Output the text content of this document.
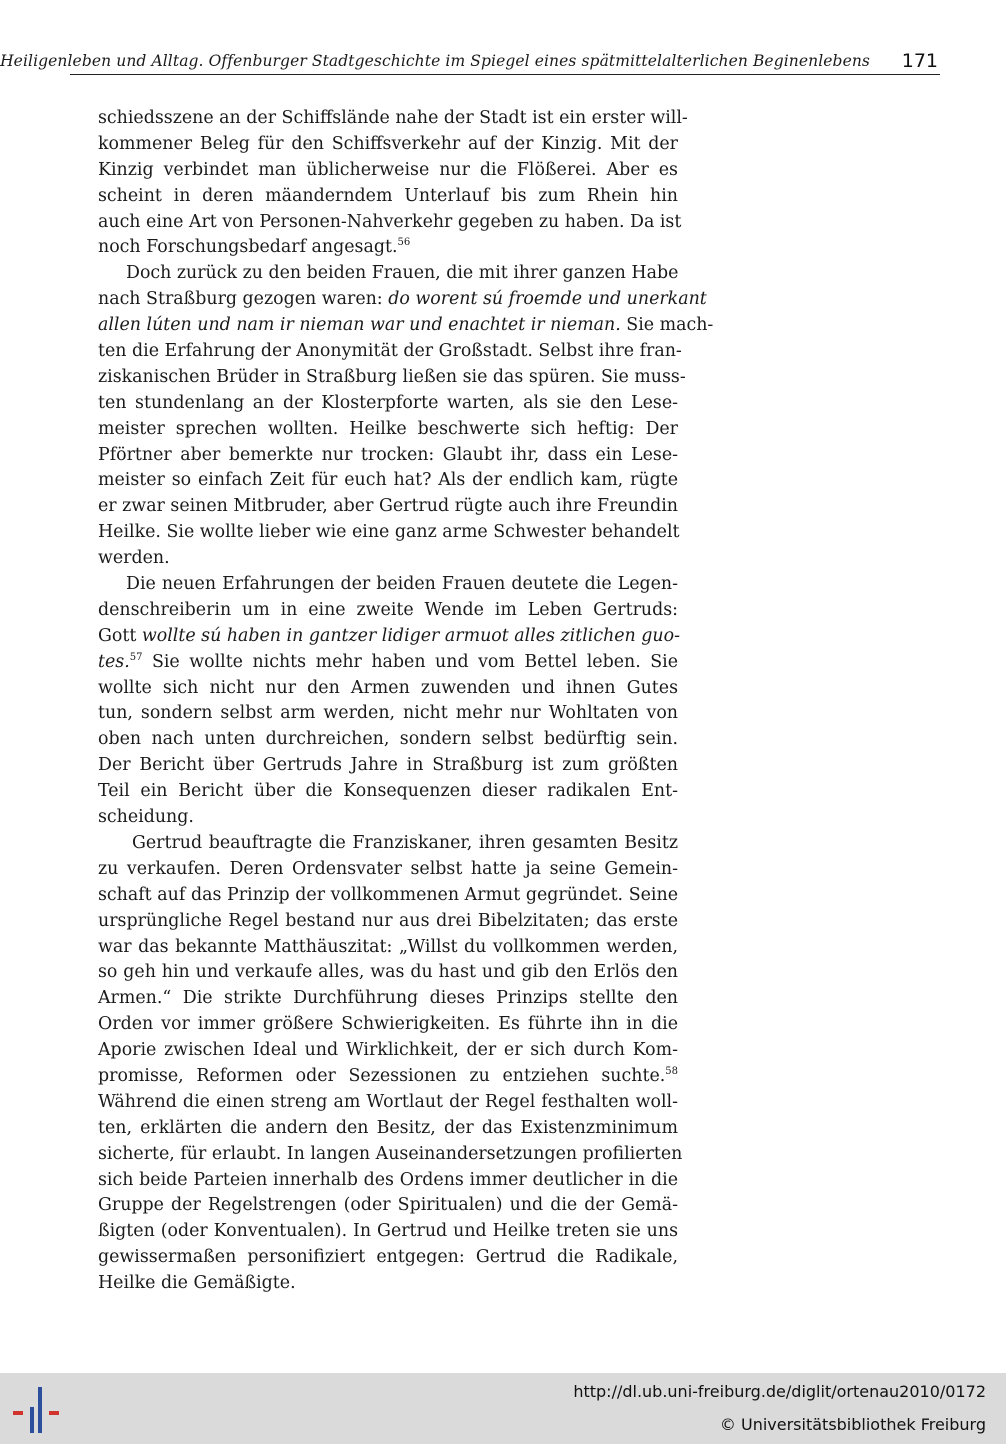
Heiligenleben und Alltag. Offenburger Stadtgeschichte im Spiegel eines spätmittelalterlichen Beginenlebens 171
schiedsszene an der Schiffslände nahe der Stadt ist ein erster will-
kommener Beleg für den Schiffsverkehr auf der Kinzig. Mit der
Kinzig verbindet man üblicherweise nur die Flößerei. Aber es
scheint in deren mäanderndem Unterlauf bis zum Rhein hin
auch eine Art von Personen-Nahverkehr gegeben zu haben. Da ist
noch Forschungsbedarf angesagt.$^{56}$
Doch zurück zu den beiden Frauen, die mit ihrer ganzen Habe
nach Straßburg gezogen waren: do worent sú froemde und unerkant
allen lúten und nam ir nieman war und enachtet ir nieman. Sie mach-
ten die Erfahrung der Anonymität der Großstadt. Selbst ihre fran-
ziskanischen Brüder in Straßburg ließen sie das spüren. Sie muss-
ten stundenlang an der Klosterpforte warten, als sie den Lese-
meister sprechen wollten. Heilke beschwerte sich heftig: Der
Pförtner aber bemerkte nur trocken: Glaubt ihr, dass ein Lese-
meister so einfach Zeit für euch hat? Als der endlich kam, rügte
er zwar seinen Mitbruder, aber Gertrud rügte auch ihre Freundin
Heilke. Sie wollte lieber wie eine ganz arme Schwester behandelt
werden.
Die neuen Erfahrungen der beiden Frauen deutete die Legen-
denschreiberin um in eine zweite Wende im Leben Gertruds:
Gott wollte sú haben in gantzer lidiger armuot alles zitlichen guo-
tes.$^{57}$ Sie wollte nichts mehr haben und vom Bettel leben. Sie
wollte sich nicht nur den Armen zuwenden und ihnen Gutes
tun, sondern selbst arm werden, nicht mehr nur Wohltaten von
oben nach unten durchreichen, sondern selbst bedürftig sein.
Der Bericht über Gertruds Jahre in Straßburg ist zum größten
Teil ein Bericht über die Konsequenzen dieser radikalen Ent-
scheidung.
Gertrud beauftragte die Franziskaner, ihren gesamten Besitz
zu verkaufen. Deren Ordensvater selbst hatte ja seine Gemein-
schaft auf das Prinzip der vollkommenen Armut gegründet. Seine
ursprüngliche Regel bestand nur aus drei Bibelzitaten; das erste
war das bekannte Matthäuszitat: „Willst du vollkommen werden,
so geh hin und verkaufe alles, was du hast und gib den Erlös den
Armen.“ Die strikte Durchführung dieses Prinzips stellte den
Orden vor immer größere Schwierigkeiten. Es führte ihn in die
Aporie zwischen Ideal und Wirklichkeit, der er sich durch Kom-
promisse, Reformen oder Sezessionen zu entziehen suchte.$^{58}$
Während die einen streng am Wortlaut der Regel festhalten woll-
ten, erklärten die andern den Besitz, der das Existenzminimum
sicherte, für erlaubt. In langen Auseinandersetzungen profilierten
sich beide Parteien innerhalb des Ordens immer deutlicher in die
Gruppe der Regelstrengen (oder Spiritualen) und die der Gemä-
ßigten (oder Konventualen). In Gertrud und Heilke treten sie uns
gewissermaßen personifiziert entgegen: Gertrud die Radikale,
Heilke die Gemäßigte.
http://dl.ub.uni-freiburg.de/diglit/ortenau2010/0172
© Universitätsbibliothek Freiburg
